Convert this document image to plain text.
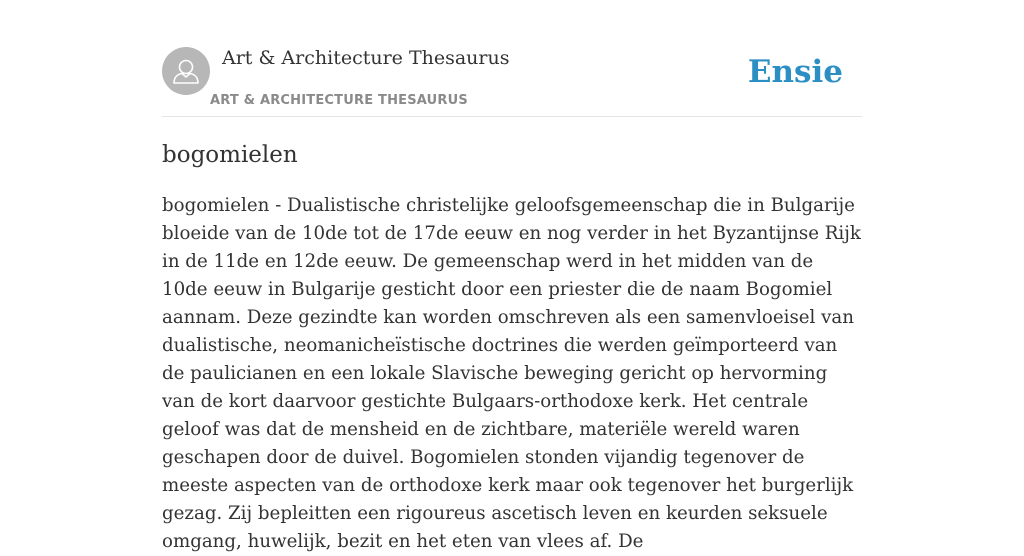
Art & Architecture Thesaurus
ART & ARCHITECTURE THESAURUS
Ensie
bogomielen

bogomielen - Dualistische christelijke geloofsgemeenschap die in Bulgarije bloeide van de 10de tot de 17de eeuw en nog verder in het Byzantijnse Rijk in de 11de en 12de eeuw. De gemeenschap werd in het midden van de 10de eeuw in Bulgarije gesticht door een priester die de naam Bogomiel aannam. Deze gezindte kan worden omschreven als een samenvloeisel van dualistische, neomanicheïstische doctrines die werden geïmporteerd van de paulicianen en een lokale Slavische beweging gericht op hervorming van de kort daarvoor gestichte Bulgaars-orthodoxe kerk. Het centrale geloof was dat de mensheid en de zichtbare, materiële wereld waren geschapen door de duivel. Bogomielen stonden vijandig tegenover de meeste aspecten van de orthodoxe kerk maar ook tegenover het burgerlijk gezag. Zij bepleitten een rigoureus ascetisch leven en keurden seksuele omgang, huwelijk, bezit en het eten van vlees af. De
